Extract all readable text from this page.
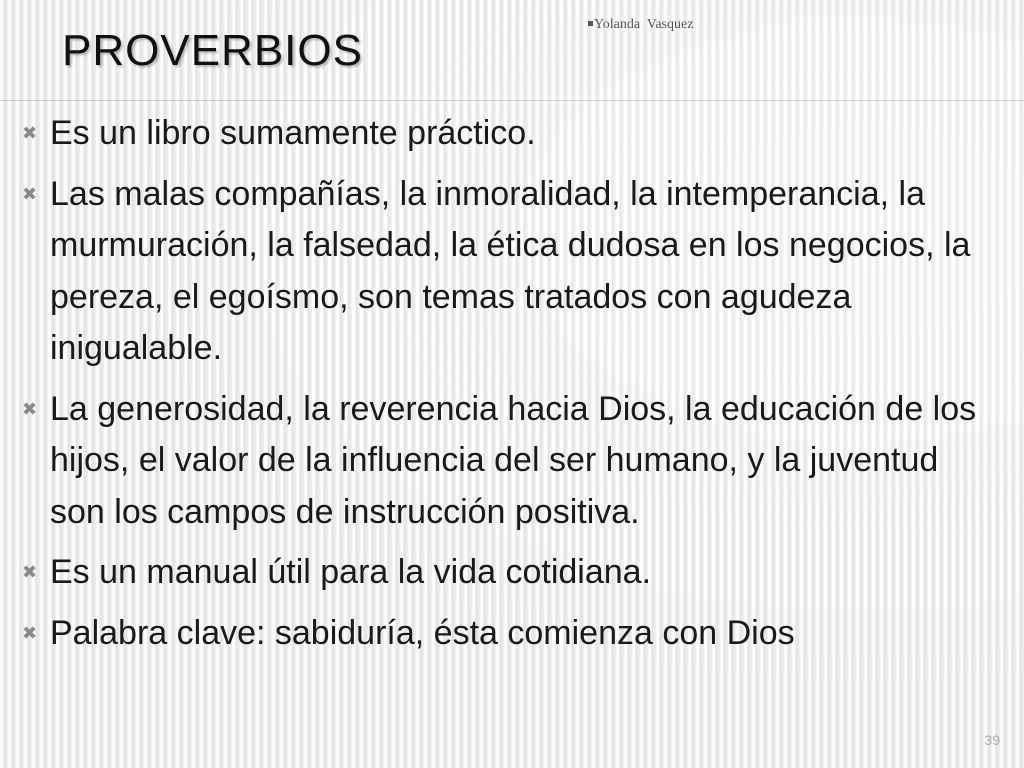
Yolanda  Vasquez
PROVERBIOS
✖ Es un libro sumamente práctico.
✖ Las malas compañías, la inmoralidad, la intemperancia, la murmuración, la falsedad, la ética dudosa en los negocios, la pereza, el egoísmo, son temas tratados con agudeza inigualable.
✖ La generosidad, la reverencia hacia Dios, la educación de los hijos, el valor de la influencia del ser humano, y la juventud son los campos de instrucción positiva.
✖ Es un manual útil para la vida cotidiana.
✖ Palabra clave: sabiduría, ésta comienza con Dios
39
